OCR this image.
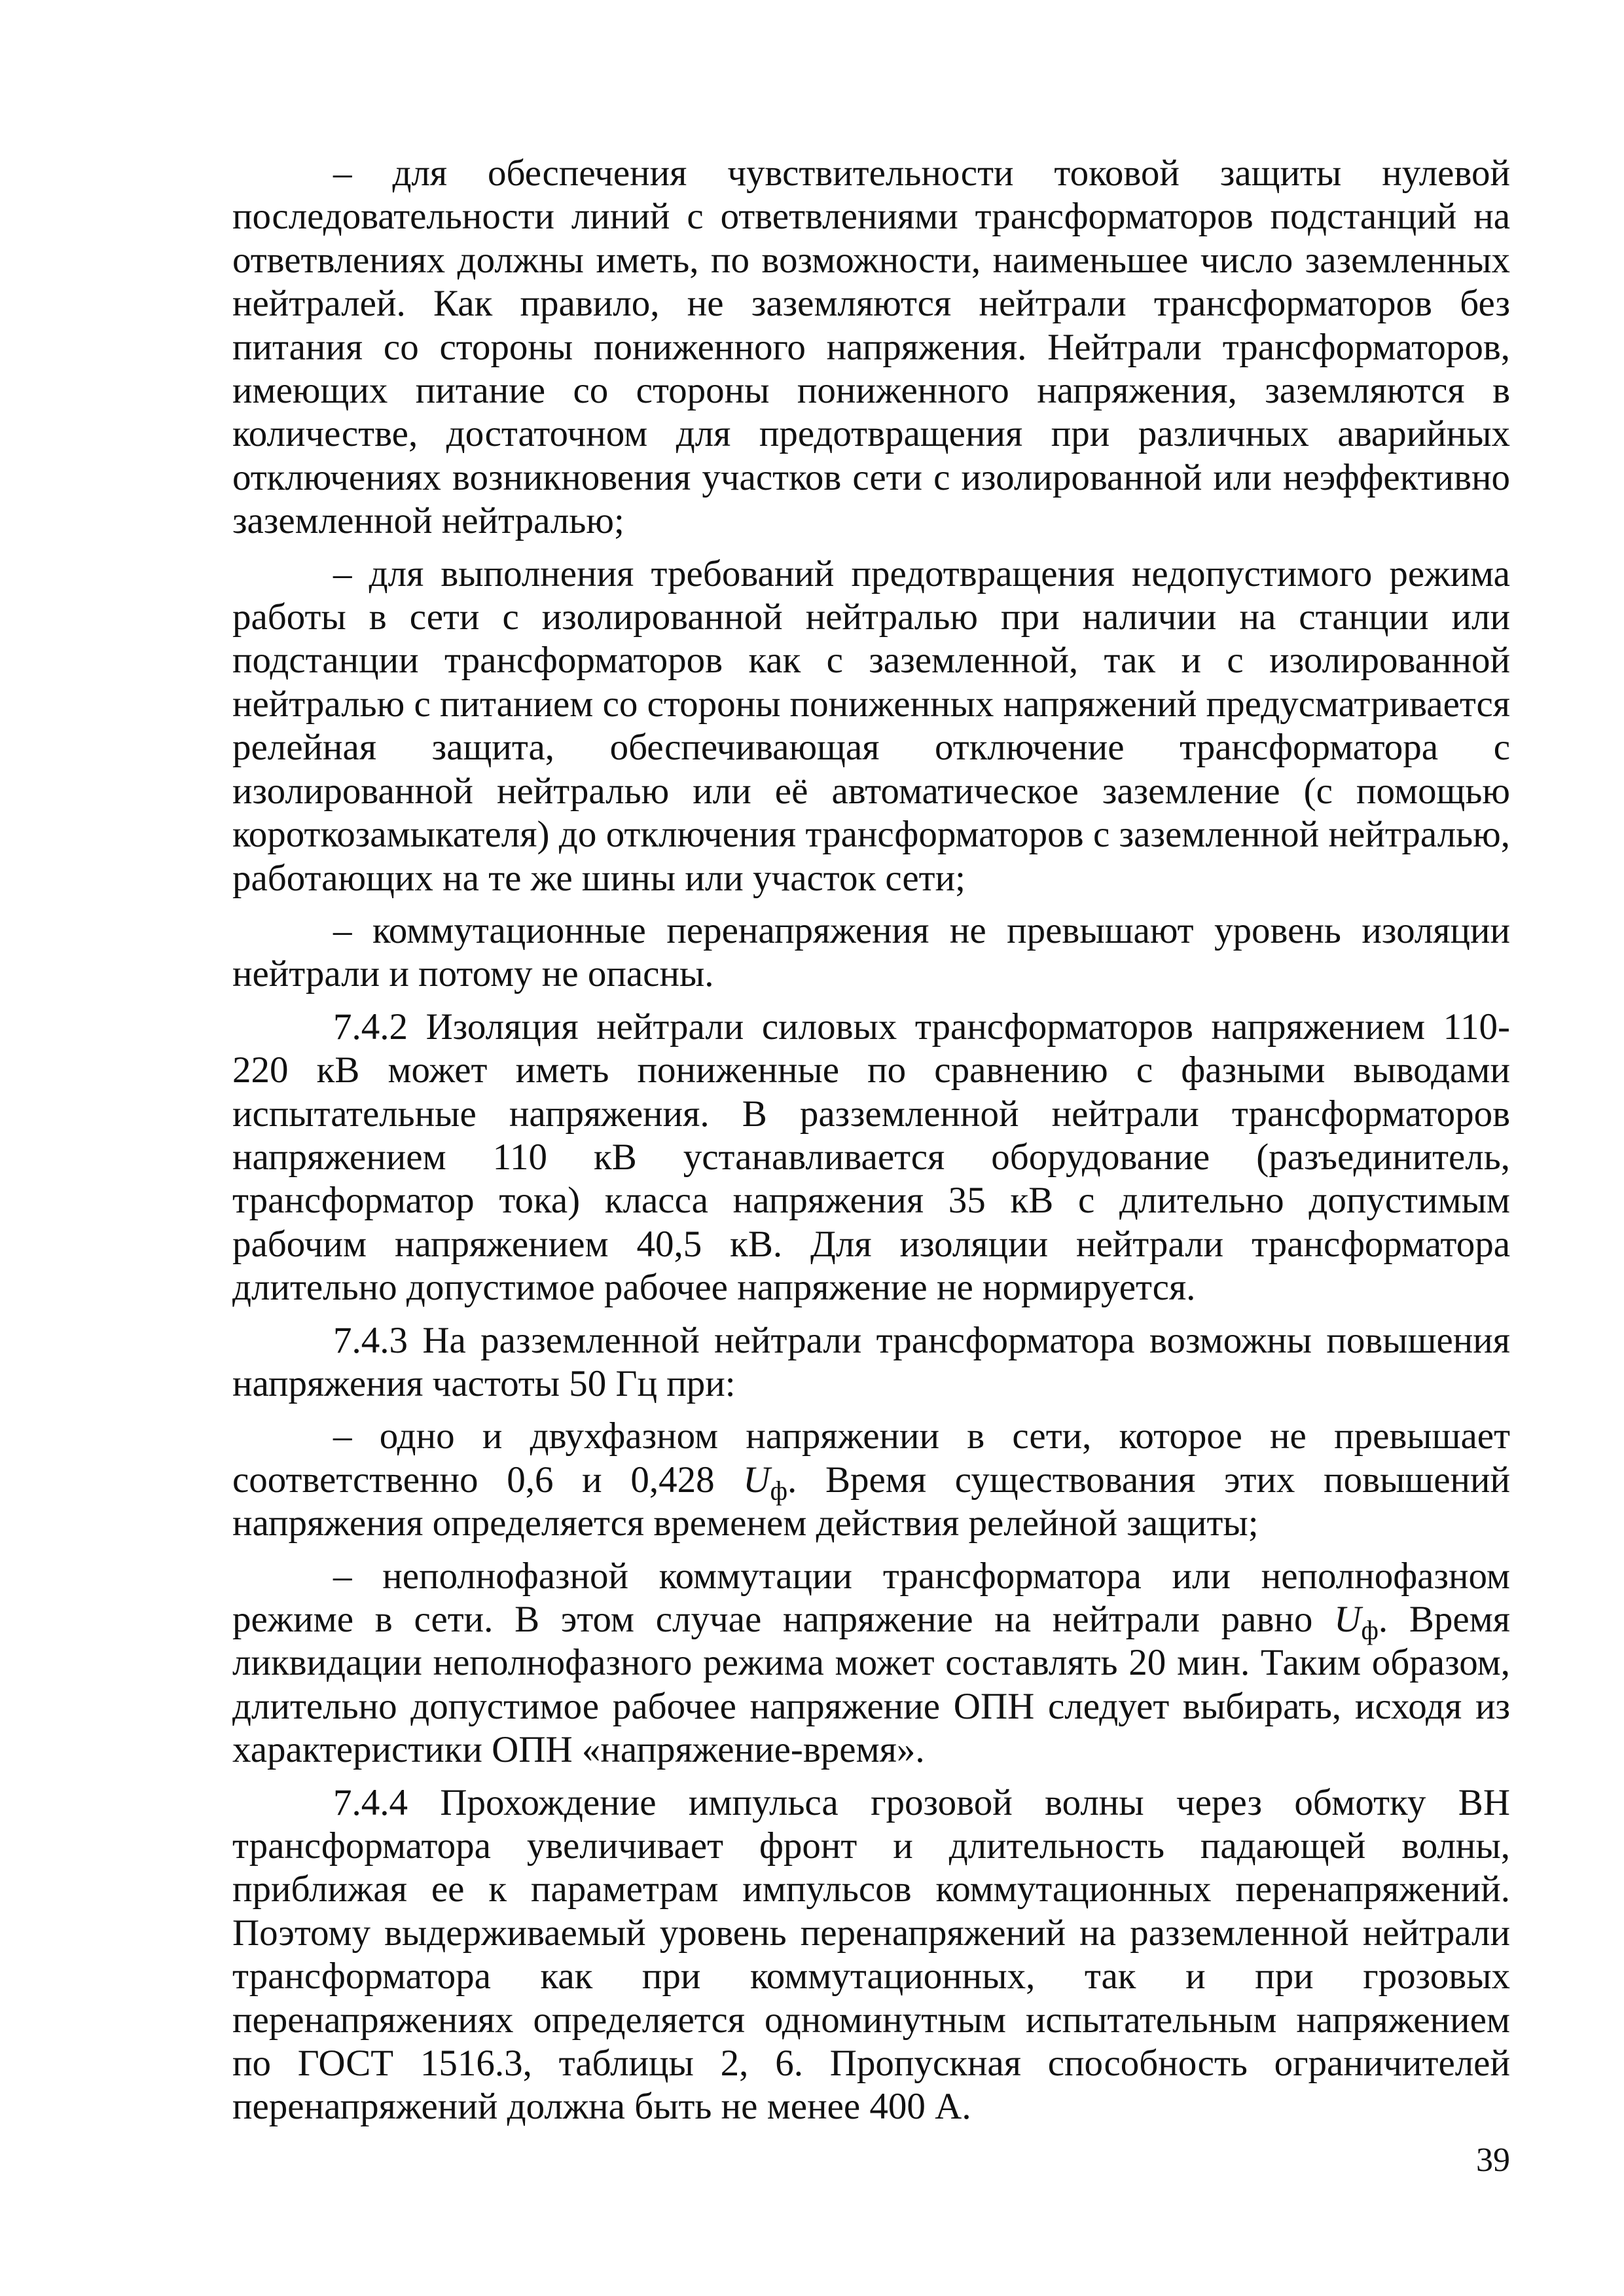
– для обеспечения чувствительности токовой защиты нулевой последовательности линий с ответвлениями трансформаторов подстанций на ответвлениях должны иметь, по возможности, наименьшее число заземленных нейтралей. Как правило, не заземляются нейтрали трансформаторов без питания со стороны пониженного напряжения. Нейтрали трансформаторов, имеющих питание со стороны пониженного напряжения, заземляются в количестве, достаточном для предотвращения при различных аварийных отключениях возникновения участков сети с изолированной или неэффективно заземленной нейтралью;

– для выполнения требований предотвращения недопустимого режима работы в сети с изолированной нейтралью при наличии на станции или подстанции трансформаторов как с заземленной, так и с изолированной нейтралью с питанием со стороны пониженных напряжений предусматривается релейная защита, обеспечивающая отключение трансформатора с изолированной нейтралью или её автоматическое заземление (с помощью короткозамыкателя) до отключения трансформаторов с заземленной нейтралью, работающих на те же шины или участок сети;

– коммутационные перенапряжения не превышают уровень изоляции нейтрали и потому не опасны.

7.4.2 Изоляция нейтрали силовых трансформаторов напряжением 110-220 кВ может иметь пониженные по сравнению с фазными выводами испытательные напряжения. В разземленной нейтрали трансформаторов напряжением 110 кВ устанавливается оборудование (разъединитель, трансформатор тока) класса напряжения 35 кВ с длительно допустимым рабочим напряжением 40,5 кВ. Для изоляции нейтрали трансформатора длительно допустимое рабочее напряжение не нормируется.

7.4.3 На разземленной нейтрали трансформатора возможны повышения напряжения частоты 50 Гц при:

– одно и двухфазном напряжении в сети, которое не превышает соответственно 0,6 и 0,428 $U_ф$. Время существования этих повышений напряжения определяется временем действия релейной защиты;

– неполнофазной коммутации трансформатора или неполнофазном режиме в сети. В этом случае напряжение на нейтрали равно $U_ф$. Время ликвидации неполнофазного режима может составлять 20 мин. Таким образом, длительно допустимое рабочее напряжение ОПН следует выбирать, исходя из характеристики ОПН «напряжение-время».

7.4.4 Прохождение импульса грозовой волны через обмотку ВН трансформатора увеличивает фронт и длительность падающей волны, приближая ее к параметрам импульсов коммутационных перенапряжений. Поэтому выдерживаемый уровень перенапряжений на разземленной нейтрали трансформатора как при коммутационных, так и при грозовых перенапряжениях определяется одноминутным испытательным напряжением по ГОСТ 1516.3, таблицы 2, 6. Пропускная способность ограничителей перенапряжений должна быть не менее 400 А.

39
